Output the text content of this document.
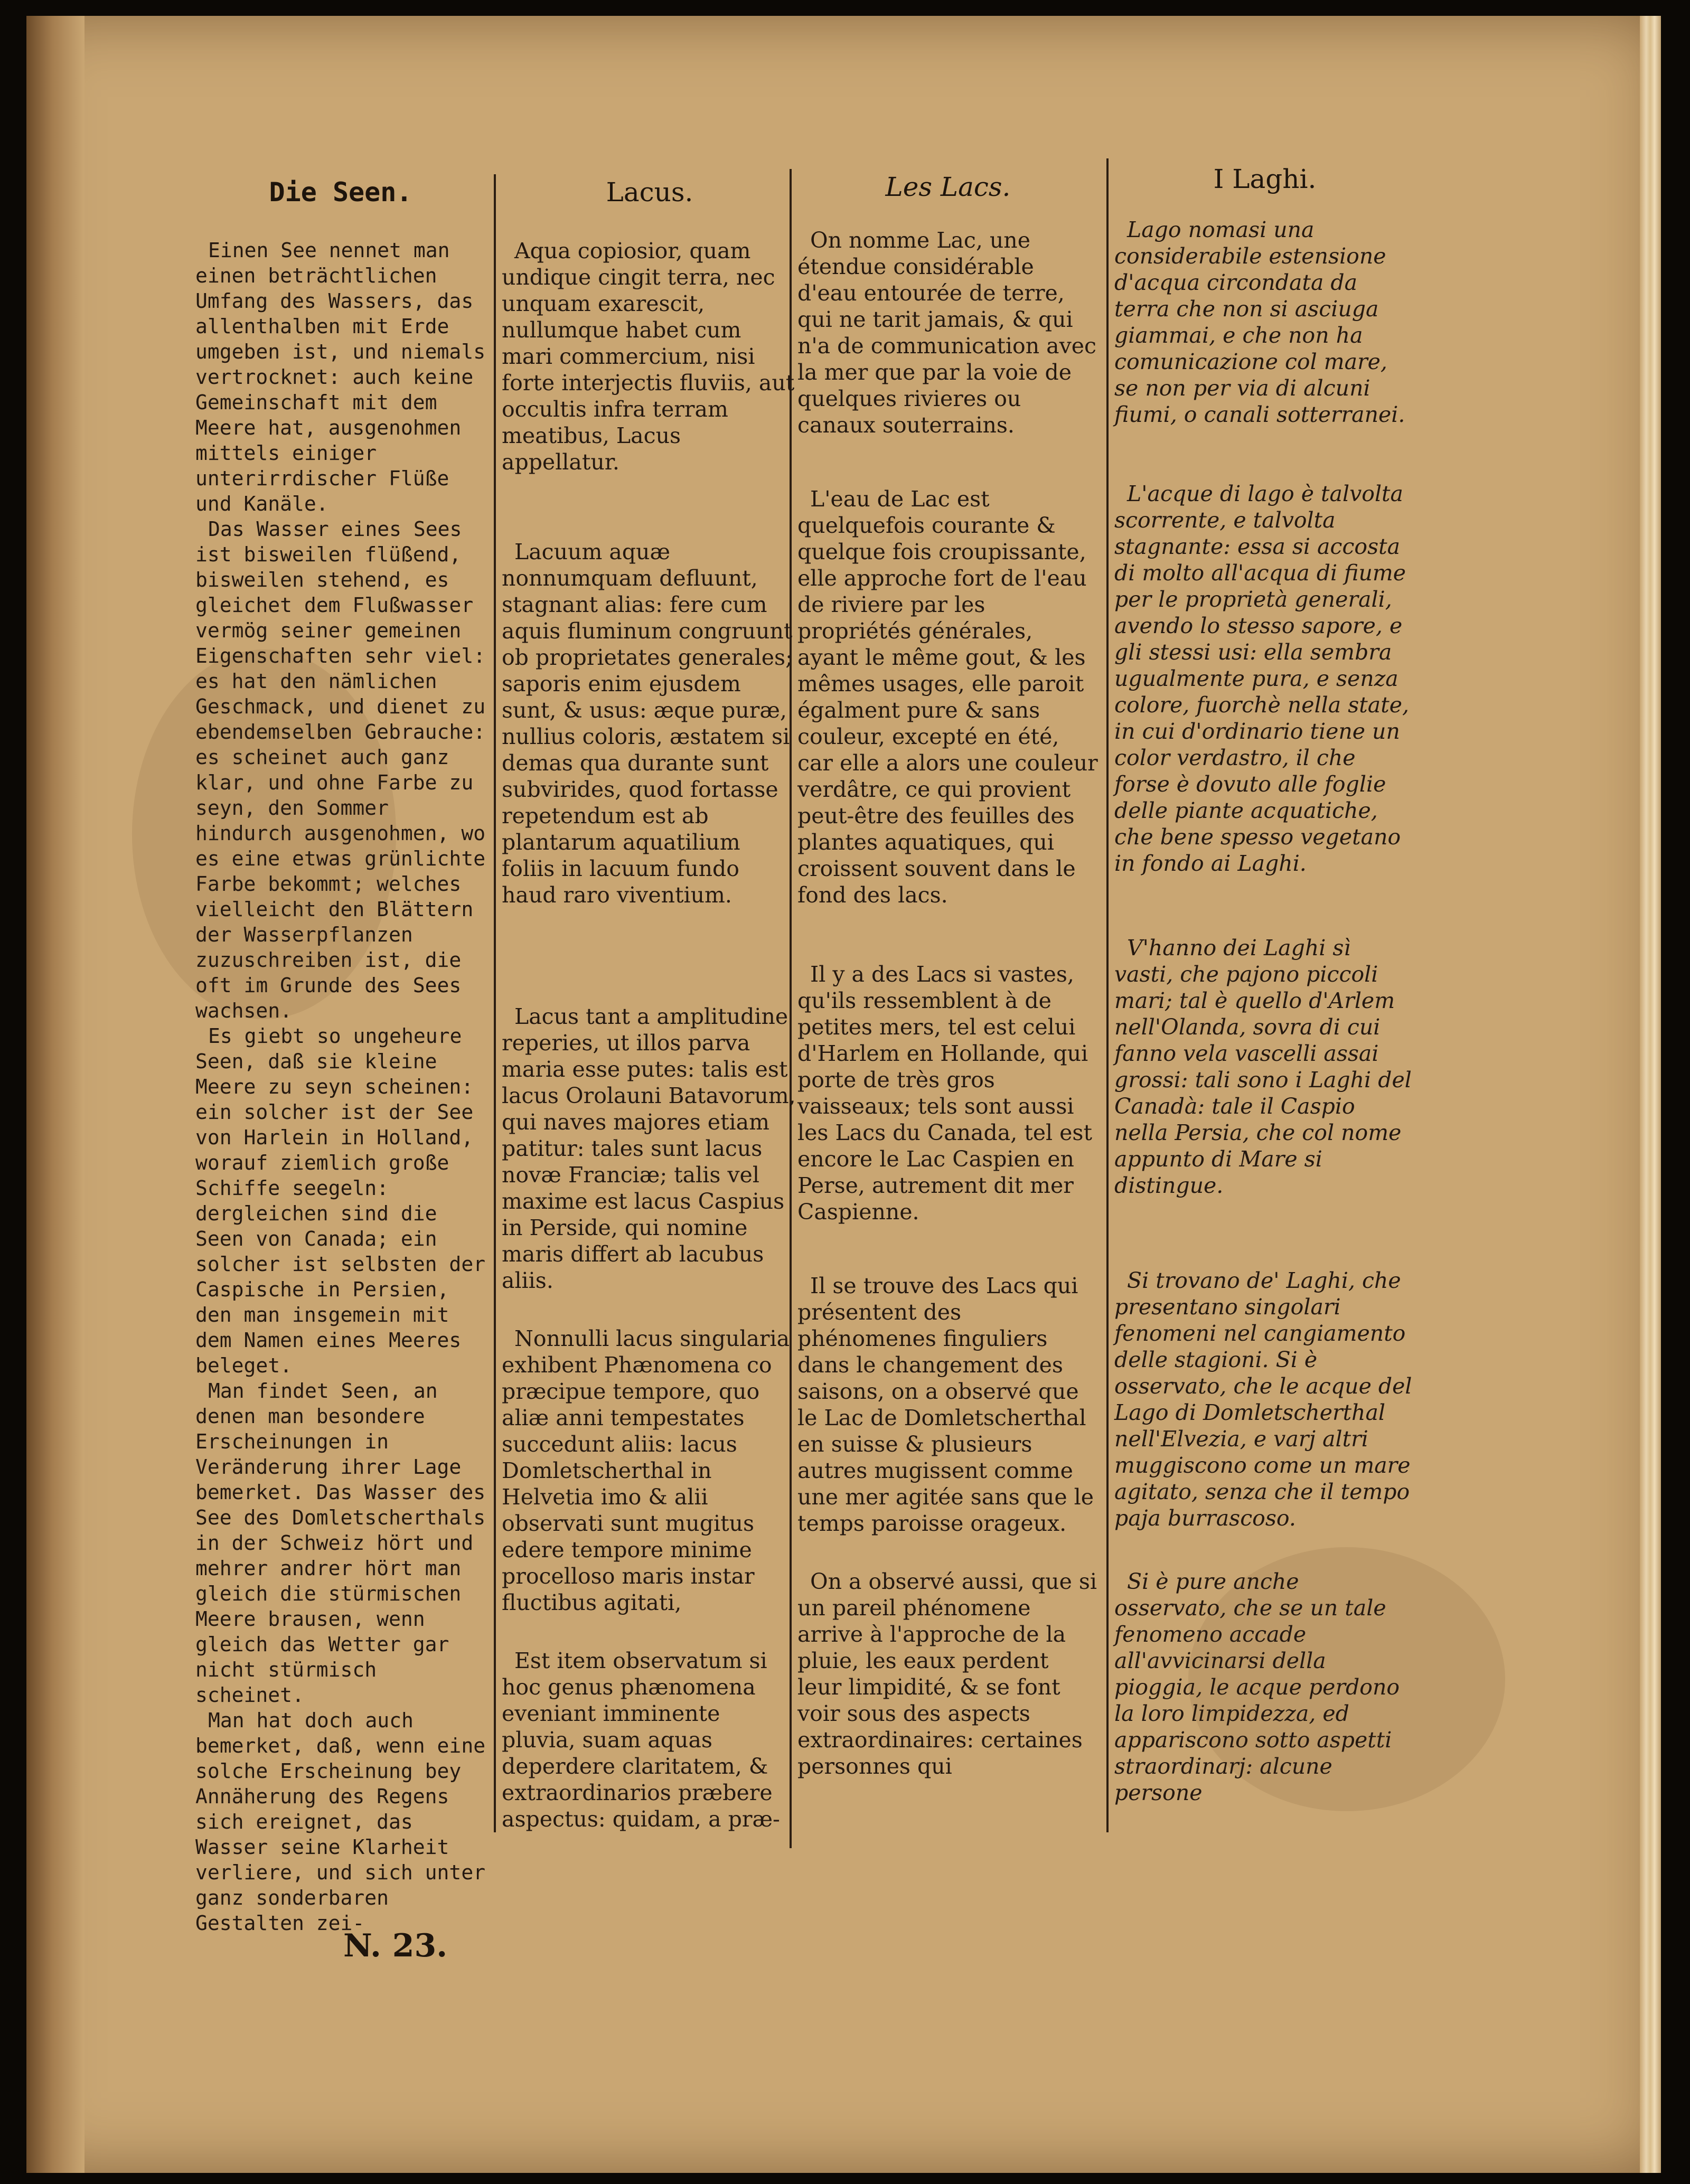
Die Seen.	Lacus.	Les Lacs.	I Laghi.

Einen See nennet man einen beträchtlichen Umfang des Wassers, das allenthalben mit Erde umgeben ist, und niemals vertrocknet: auch keine Gemeinschaft mit dem Meere hat, ausgenohmen mittels einiger unterirrdischer Flüße und Kanäle.

Das Wasser eines Sees ist bisweilen flüßend, bisweilen stehend, es gleichet dem Flußwasser vermög seiner gemeinen Eigenschaften sehr viel: es hat den nämlichen Geschmack, und dienet zu ebendemselben Gebrauche: es scheinet auch ganz klar, und ohne Farbe zu seyn, den Sommer hindurch ausgenohmen, wo es eine etwas grünlichte Farbe bekommt; welches vielleicht den Blättern der Wasserpflanzen zuzuschreiben ist, die oft im Grunde des Sees wachsen.

Es giebt so ungeheure Seen, daß sie kleine Meere zu seyn scheinen: ein solcher ist der See von Harlein in Holland, worauf ziemlich große Schiffe seegeln: dergleichen sind die Seen von Canada; ein solcher ist selbsten der Caspische in Persien, den man insgemein mit dem Namen eines Meeres beleget.

Man findet Seen, an denen man besondere Erscheinungen in Veränderung ihrer Lage bemerket. Das Wasser des See des Domletscherthals in der Schweiz hört und mehrer andrer hört man gleich die stürmischen Meere brausen, wenn gleich das Wetter gar nicht stürmisch scheinet.

Man hat doch auch bemerket, daß, wenn eine solche Erscheinung bey Annäherung des Regens sich ereignet, das Wasser seine Klarheit verliere, und sich unter ganz sonderbaren Gestalten zei-

Aqua copiosior, quam undique cingit terra, nec unquam exarescit, nullumque habet cum mari commercium, nisi forte interjectis fluviis, aut occultis infra terram meatibus, Lacus appellatur.

Lacuum aquæ nonnumquam defluunt, stagnant alias: fere cum aquis fluminum congruunt ob proprietates generales; saporis enim ejusdem sunt, & usus: æque puræ, nullius coloris, æstatem si demas qua durante sunt subvirides, quod fortasse repetendum est ab plantarum aquatilium foliis in lacuum fundo haud raro viventium.

Lacus tant a amplitudine reperies, ut illos parva maria esse putes: talis est lacus Orolauni Batavorum, qui naves majores etiam patitur: tales sunt lacus novæ Franciæ; talis vel maxime est lacus Caspius in Perside, qui nomine maris differt ab lacubus aliis.

Nonnulli lacus singularia exhibent Phænomena co præcipue tempore, quo aliæ anni tempestates succedunt aliis: lacus Domletscherthal in Helvetia imo & alii observati sunt mugitus edere tempore minime procelloso maris instar fluctibus agitati,

Est item observatum si hoc genus phænomena eveniant imminente pluvia, suam aquas deperdere claritatem, & extraordinarios præbere aspectus: quidam, a præ-

On nomme Lac, une étendue considérable d'eau entourée de terre, qui ne tarit jamais, & qui n'a de communication avec la mer que par la voie de quelques rivieres ou canaux souterrains.

L'eau de Lac est quelquefois courante & quelque fois croupissante, elle approche fort de l'eau de riviere par les propriétés générales, ayant le même gout, & les mêmes usages, elle paroit égalment pure & sans couleur, excepté en été, car elle a alors une couleur verdâtre, ce qui provient peut-être des feuilles des plantes aquatiques, qui croissent souvent dans le fond des lacs.

Il y a des Lacs si vastes, qu'ils ressemblent à de petites mers, tel est celui d'Harlem en Hollande, qui porte de très gros vaisseaux; tels sont aussi les Lacs du Canada, tel est encore le Lac Caspien en Perse, autrement dit mer Caspienne.

Il se trouve des Lacs qui présentent des phénomenes finguliers dans le changement des saisons, on a observé que le Lac de Domletscherthal en suisse & plusieurs autres mugissent comme une mer agitée sans que le temps paroisse orageux.

On a observé aussi, que si un pareil phénomene arrive à l'approche de la pluie, les eaux perdent leur limpidité, & se font voir sous des aspects extraordinaires: certaines personnes qui

Lago nomasi una considerabile estensione d'acqua circondata da terra che non si asciuga giammai, e che non ha comunicazione col mare, se non per via di alcuni fiumi, o canali sotterranei.

L'acque di lago è talvolta scorrente, e talvolta stagnante: essa si accosta di molto all'acqua di fiume per le proprietà generali, avendo lo stesso sapore, e gli stessi usi: ella sembra ugualmente pura, e senza colore, fuorchè nella state, in cui d'ordinario tiene un color verdastro, il che forse è dovuto alle foglie delle piante acquatiche, che bene spesso vegetano in fondo ai Laghi.

V'hanno dei Laghi sì vasti, che pajono piccoli mari; tal è quello d'Arlem nell'Olanda, sovra di cui fanno vela vascelli assai grossi: tali sono i Laghi del Canadà: tale il Caspio nella Persia, che col nome appunto di Mare si distingue.

Si trovano de' Laghi, che presentano singolari fenomeni nel cangiamento delle stagioni. Si è osservato, che le acque del Lago di Domletscherthal nell'Elvezia, e varj altri muggiscono come un mare agitato, senza che il tempo paja burrascoso.

Si è pure anche osservato, che se un tale fenomeno accade all'avvicinarsi della pioggia, le acque perdono la loro limpidezza, ed appariscono sotto aspetti straordinarj: alcune persone

N. 23.
